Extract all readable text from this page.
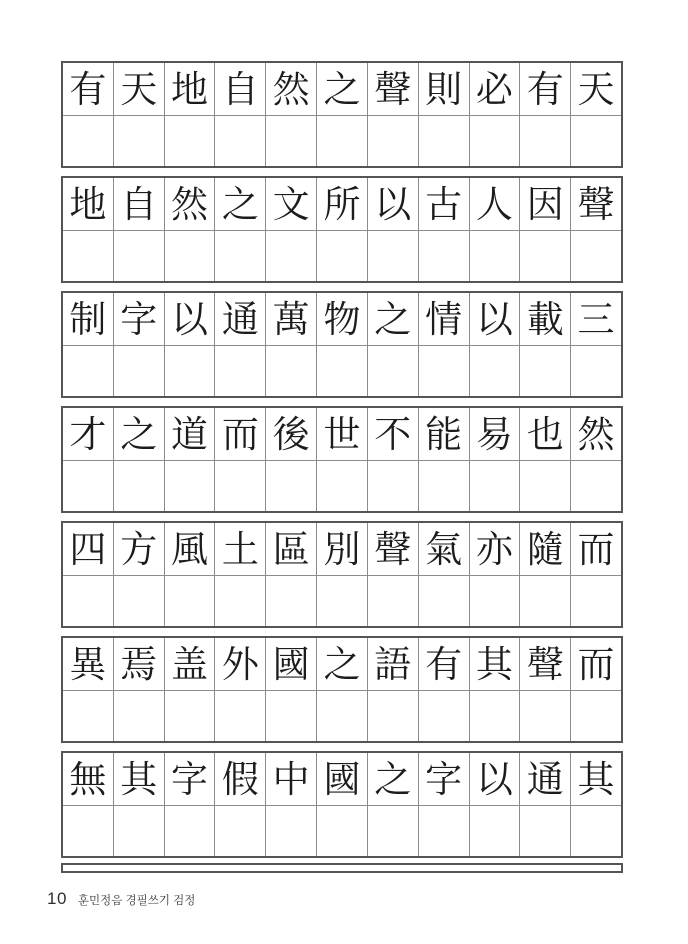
有 天 地 自 然 之 聲 則 必 有 天
地 自 然 之 文 所 以 古 人 因 聲
制 字 以 通 萬 物 之 情 以 載 三
才 之 道 而 後 世 不 能 易 也 然
四 方 風 土 區 別 聲 氣 亦 隨 而
異 焉 盖 外 國 之 語 有 其 聲 而
無 其 字 假 中 國 之 字 以 通 其
10 훈민정음 경필쓰기 검정
